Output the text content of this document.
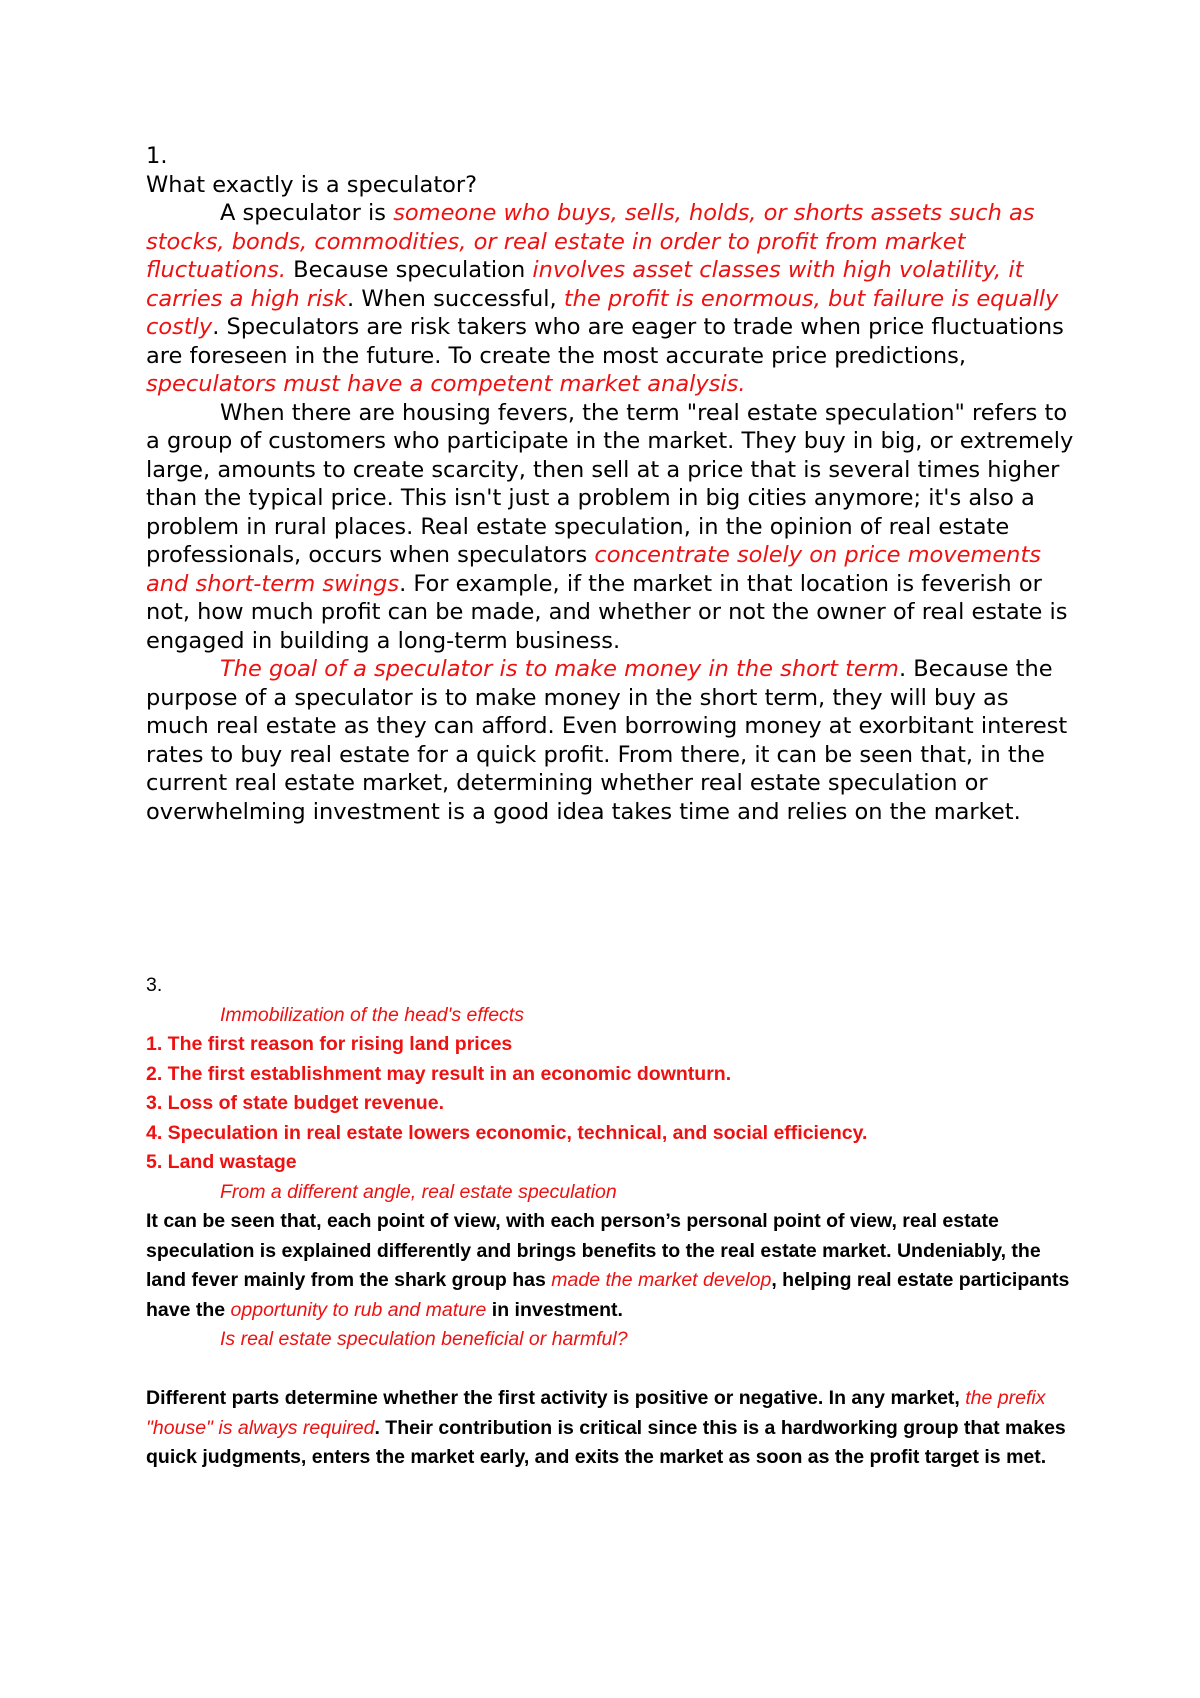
1.

What exactly is a speculator?

A speculator is someone who buys, sells, holds, or shorts assets such as stocks, bonds, commodities, or real estate in order to profit from market fluctuations. Because speculation involves asset classes with high volatility, it carries a high risk. When successful, the profit is enormous, but failure is equally costly. Speculators are risk takers who are eager to trade when price fluctuations are foreseen in the future. To create the most accurate price predictions, speculators must have a competent market analysis.

When there are housing fevers, the term "real estate speculation" refers to a group of customers who participate in the market. They buy in big, or extremely large, amounts to create scarcity, then sell at a price that is several times higher than the typical price. This isn't just a problem in big cities anymore; it's also a problem in rural places. Real estate speculation, in the opinion of real estate professionals, occurs when speculators concentrate solely on price movements and short-term swings. For example, if the market in that location is feverish or not, how much profit can be made, and whether or not the owner of real estate is engaged in building a long-term business.

The goal of a speculator is to make money in the short term. Because the purpose of a speculator is to make money in the short term, they will buy as much real estate as they can afford. Even borrowing money at exorbitant interest rates to buy real estate for a quick profit. From there, it can be seen that, in the current real estate market, determining whether real estate speculation or overwhelming investment is a good idea takes time and relies on the market.

3.

Immobilization of the head's effects

1. The first reason for rising land prices

2. The first establishment may result in an economic downturn.

3. Loss of state budget revenue.

4. Speculation in real estate lowers economic, technical, and social efficiency.

5. Land wastage

From a different angle, real estate speculation

It can be seen that, each point of view, with each person’s personal point of view, real estate speculation is explained differently and brings benefits to the real estate market. Undeniably, the land fever mainly from the shark group has made the market develop, helping real estate participants have the opportunity to rub and mature in investment.

Is real estate speculation beneficial or harmful?

Different parts determine whether the first activity is positive or negative. In any market, the prefix "house" is always required. Their contribution is critical since this is a hardworking group that makes quick judgments, enters the market early, and exits the market as soon as the profit target is met.
